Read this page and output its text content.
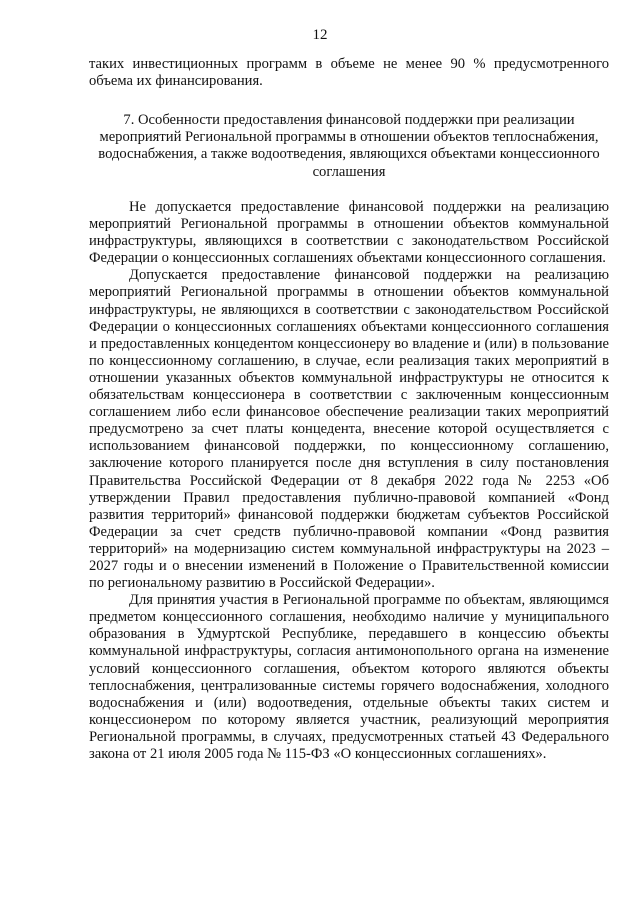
12
таких инвестиционных программ в объеме не менее 90 % предусмотренного объема их финансирования.
7. Особенности предоставления финансовой поддержки при реализации мероприятий Региональной программы в отношении объектов теплоснабжения, водоснабжения, а также водоотведения, являющихся объектами концессионного соглашения

Не допускается предоставление финансовой поддержки на реализацию мероприятий Региональной программы в отношении объектов коммунальной инфраструктуры, являющихся в соответствии с законодательством Российской Федерации о концессионных соглашениях объектами концессионного соглашения.

Допускается предоставление финансовой поддержки на реализацию мероприятий Региональной программы в отношении объектов коммунальной инфраструктуры, не являющихся в соответствии с законодательством Российской Федерации о концессионных соглашениях объектами концессионного соглашения и предоставленных концедентом концессионеру во владение и (или) в пользование по концессионному соглашению, в случае, если реализация таких мероприятий в отношении указанных объектов коммунальной инфраструктуры не относится к обязательствам концессионера в соответствии с заключенным концессионным соглашением либо если финансовое обеспечение реализации таких мероприятий предусмотрено за счет платы концедента, внесение которой осуществляется с использованием финансовой поддержки, по концессионному соглашению, заключение которого планируется после дня вступления в силу постановления Правительства Российской Федерации от 8 декабря 2022 года № 2253 «Об утверждении Правил предоставления публично-правовой компанией «Фонд развития территорий» финансовой поддержки бюджетам субъектов Российской Федерации за счет средств публично-правовой компании «Фонд развития территорий» на модернизацию систем коммунальной инфраструктуры на 2023 – 2027 годы и о внесении изменений в Положение о Правительственной комиссии по региональному развитию в Российской Федерации».

Для принятия участия в Региональной программе по объектам, являющимся предметом концессионного соглашения, необходимо наличие у муниципального образования в Удмуртской Республике, передавшего в концессию объекты коммунальной инфраструктуры, согласия антимонопольного органа на изменение условий концессионного соглашения, объектом которого являются объекты теплоснабжения, централизованные системы горячего водоснабжения, холодного водоснабжения и (или) водоотведения, отдельные объекты таких систем и концессионером по которому является участник, реализующий мероприятия Региональной программы, в случаях, предусмотренных статьей 43 Федерального закона от 21 июля 2005 года № 115-ФЗ «О концессионных соглашениях».
